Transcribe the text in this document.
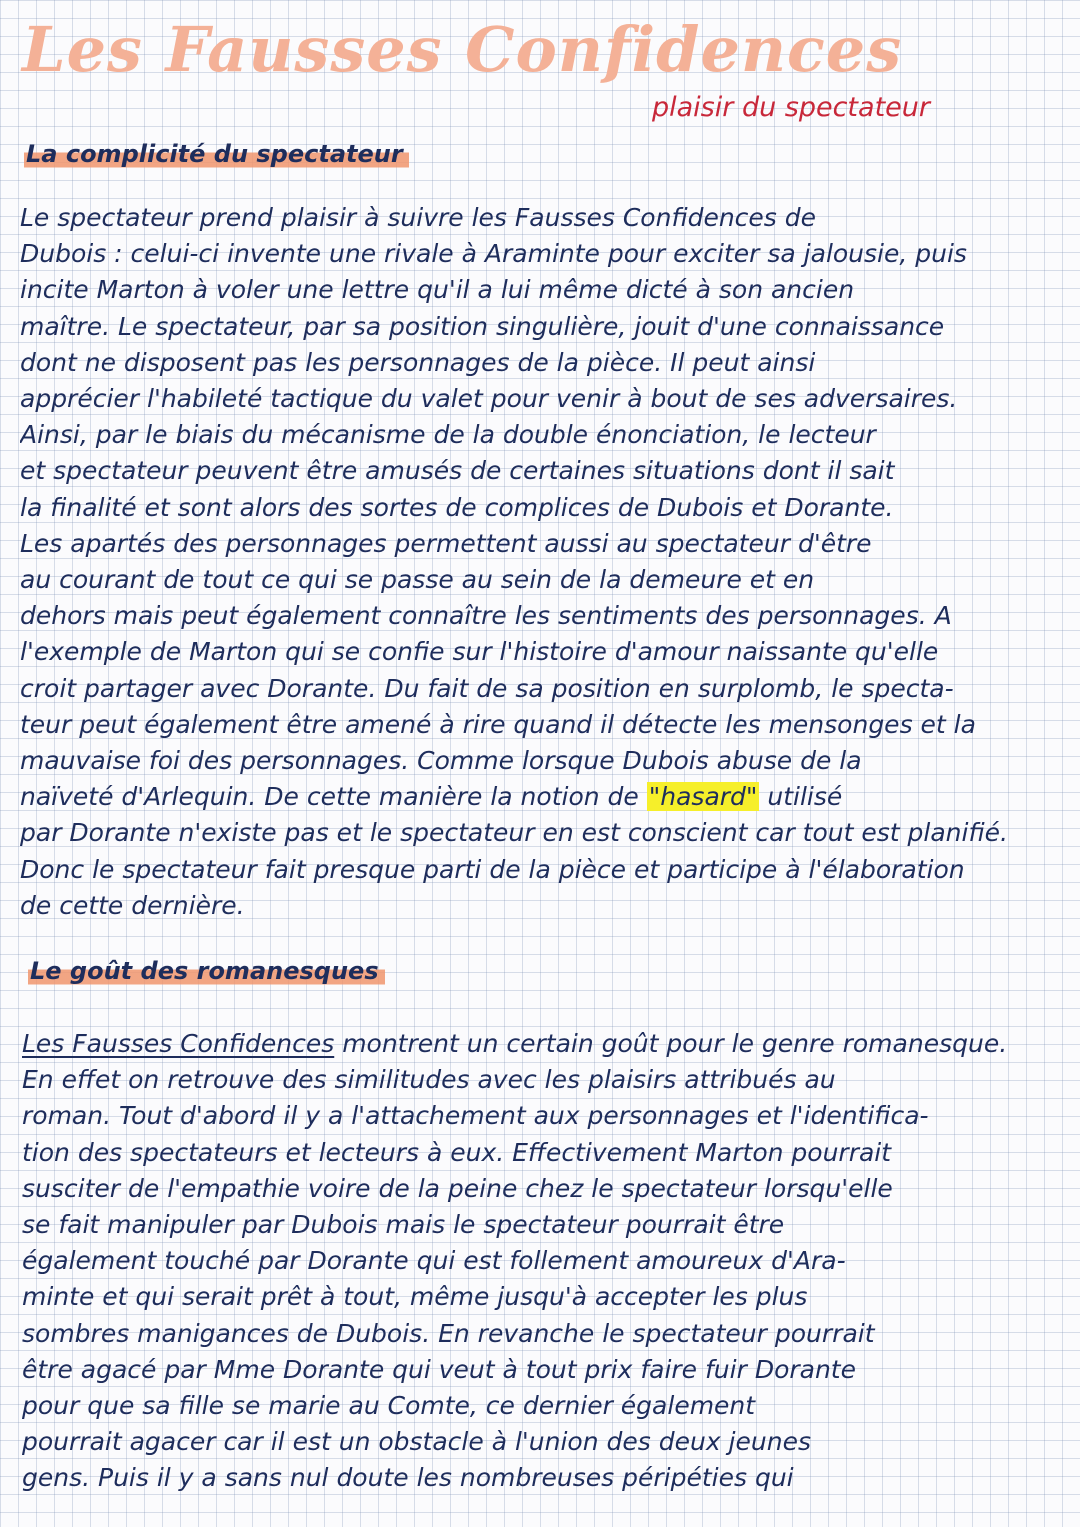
Les Fausses Confidences

plaisir du spectateur

La complicité du spectateur
Le spectateur prend plaisir à suivre les Fausses Confidences de
Dubois : celui-ci invente une rivale à Araminte pour exciter sa jalousie, puis
incite Marton à voler une lettre qu'il a lui même dicté à son ancien
maître. Le spectateur, par sa position singulière, jouit d'une connaissance
dont ne disposent pas les personnages de la pièce. Il peut ainsi
apprécier l'habileté tactique du valet pour venir à bout de ses adversaires.
Ainsi, par le biais du mécanisme de la double énonciation, le lecteur
et spectateur peuvent être amusés de certaines situations dont il sait
la finalité et sont alors des sortes de complices de Dubois et Dorante.
Les apartés des personnages permettent aussi au spectateur d'être
au courant de tout ce qui se passe au sein de la demeure et en
dehors mais peut également connaître les sentiments des personnages. A
l'exemple de Marton qui se confie sur l'histoire d'amour naissante qu'elle
croit partager avec Dorante. Du fait de sa position en surplomb, le specta-
teur peut également être amené à rire quand il détecte les mensonges et la
mauvaise foi des personnages. Comme lorsque Dubois abuse de la
naïveté d'Arlequin. De cette manière la notion de "hasard" utilisé
par Dorante n'existe pas et le spectateur en est conscient car tout est planifié.
Donc le spectateur fait presque parti de la pièce et participe à l'élaboration
de cette dernière.
Le goût des romanesques
Les Fausses Confidences montrent un certain goût pour le genre romanesque.
En effet on retrouve des similitudes avec les plaisirs attribués au
roman. Tout d'abord il y a l'attachement aux personnages et l'identifica-
tion des spectateurs et lecteurs à eux. Effectivement Marton pourrait
susciter de l'empathie voire de la peine chez le spectateur lorsqu'elle
se fait manipuler par Dubois mais le spectateur pourrait être
également touché par Dorante qui est follement amoureux d'Ara-
minte et qui serait prêt à tout, même jusqu'à accepter les plus
sombres manigances de Dubois. En revanche le spectateur pourrait
être agacé par Mme Dorante qui veut à tout prix faire fuir Dorante
pour que sa fille se marie au Comte, ce dernier également
pourrait agacer car il est un obstacle à l'union des deux jeunes
gens. Puis il y a sans nul doute les nombreuses péripéties qui
